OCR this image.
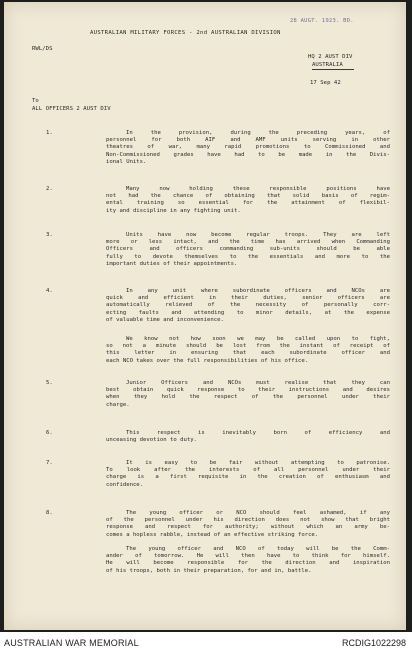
28 AUGT. 1923. BD.
AUSTRALIAN MILITARY FORCES - 2nd AUSTRALIAN DIVISION
RWL/DS
HQ 2 AUST DIV
AUSTRALIA
17 Sep 42
To
ALL OFFICERS 2 AUST DIV
1.	In the provision, during the preceding years, of
personnel for both AIF and AMF units serving in other
theatres of war, many rapid promotions to Commissioned and
Non-Commissioned grades have had to be made in the Divis-
ional Units.
2.	Many now holding these responsible positions have
not had the chance of obtaining that solid basis of regim-
ental training so essential for the attainment of flexibil-
ity and discipline in any fighting unit.
3.	Units have now become regular troops. They are left
more or less intact, and the time has arrived when Commanding
Officers and officers commanding sub-units should be able
fully to devote themselves to the essentials and more to the
important duties of their appointments.
4.	In any unit where subordinate officers and NCOs are
quick and efficient in their duties, senior officers are
automatically relieved of the necessity of personally corr-
ecting faults and attending to minor details, at the expense
of valuable time and inconvenience.
We know not how soon we may be called upon to fight,
so not a minute should be lost from the instant of receipt of
this letter in ensuring that each subordinate officer and
each NCO takes over the full responsibilities of his office.
5.	Junior Officers and NCOs must realise that they can
best obtain quick response to their instructions and desires
when they hold the respect of the personnel under their
charge.
6.	This respect is inevitably born of efficiency and
unceasing devotion to duty.
7.	It is easy to be fair without attempting to patronise.
To look after the interests of all personnel under their
charge is a first requisite in the creation of enthusiasm and
confidence.
8.	The young officer or NCO should feel ashamed, if any
of the personnel under his direction does not show that bright
response and respect for authority; without which an army be-
comes a hopless rabble, instead of an effective striking force.
The young officer and NCO of today will be the Comm-
ander of tomorrow. He will then have to think for himself.
He will become responsible for the direction and inspiration
of his troops, both in their preparation, for and in, battle.
AUSTRALIAN WAR MEMORIAL	RCDIG1022298
